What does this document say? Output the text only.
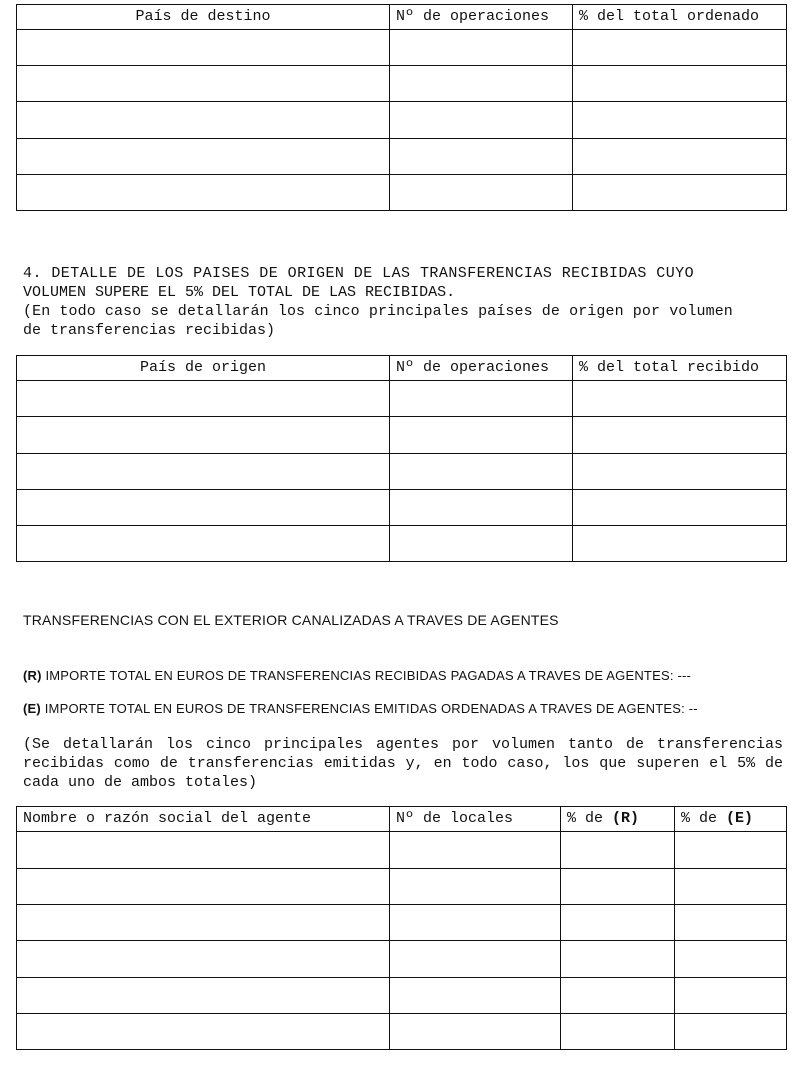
País de destino	Nº de operaciones	% del total ordenado

4. DETALLE DE LOS PAISES DE ORIGEN DE LAS TRANSFERENCIAS RECIBIDAS CUYO
VOLUMEN SUPERE EL 5% DEL TOTAL DE LAS RECIBIDAS.
(En todo caso se detallarán los cinco principales países de origen por volumen
de transferencias recibidas)
País de origen	Nº de operaciones	% del total recibido

TRANSFERENCIAS CON EL EXTERIOR CANALIZADAS A TRAVES DE AGENTES
(R) IMPORTE TOTAL EN EUROS DE TRANSFERENCIAS RECIBIDAS PAGADAS A TRAVES DE AGENTES: ---
(E) IMPORTE TOTAL EN EUROS DE TRANSFERENCIAS EMITIDAS ORDENADAS A TRAVES DE AGENTES: --
(Se detallarán los cinco principales agentes por volumen tanto de transferencias recibidas como de transferencias emitidas y, en todo caso, los que superen el 5% de cada uno de ambos totales)
Nombre o razón social del agente	Nº de locales	% de (R)	% de (E)
